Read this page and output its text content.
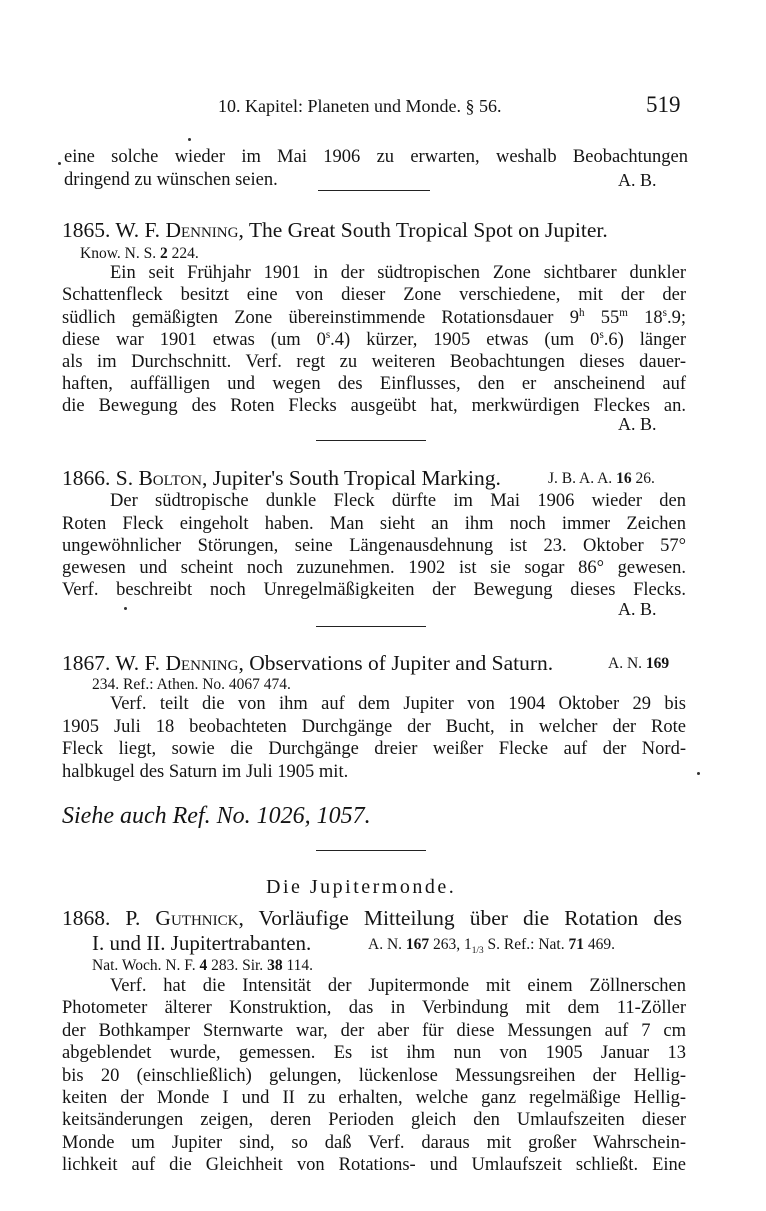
10. Kapitel: Planeten und Monde. § 56.	519
eine solche wieder im Mai 1906 zu erwarten, weshalb Beobachtungen
dringend zu wünschen seien.	A. B.
1865. W. F. Denning, The Great South Tropical Spot on Jupiter.
Know. N. S. 2 224.
Ein seit Frühjahr 1901 in der südtropischen Zone sichtbarer dunkler
Schattenfleck besitzt eine von dieser Zone verschiedene, mit der der
südlich gemäßigten Zone übereinstimmende Rotationsdauer 9$^h$ 55$^m$ 18$^s$.9;
diese war 1901 etwas (um 0$^s$.4) kürzer, 1905 etwas (um 0$^s$.6) länger
als im Durchschnitt. Verf. regt zu weiteren Beobachtungen dieses dauer-
haften, auffälligen und wegen des Einflusses, den er anscheinend auf
die Bewegung des Roten Flecks ausgeübt hat, merkwürdigen Fleckes an.
A. B.
1866. S. Bolton, Jupiter's South Tropical Marking.	J. B. A. A. 16 26.
Der südtropische dunkle Fleck dürfte im Mai 1906 wieder den
Roten Fleck eingeholt haben. Man sieht an ihm noch immer Zeichen
ungewöhnlicher Störungen, seine Längenausdehnung ist 23. Oktober 57°
gewesen und scheint noch zuzunehmen. 1902 ist sie sogar 86° gewesen.
Verf. beschreibt noch Unregelmäßigkeiten der Bewegung dieses Flecks.
A. B.
1867. W. F. Denning, Observations of Jupiter and Saturn.	A. N. 169
234. Ref.: Athen. No. 4067 474.
Verf. teilt die von ihm auf dem Jupiter von 1904 Oktober 29 bis
1905 Juli 18 beobachteten Durchgänge der Bucht, in welcher der Rote
Fleck liegt, sowie die Durchgänge dreier weißer Flecke auf der Nord-
halbkugel des Saturn im Juli 1905 mit.
Siehe auch Ref. No. 1026, 1057.
Die Jupitermonde.
1868. P. Guthnick, Vorläufige Mitteilung über die Rotation des
I. und II. Jupitertrabanten.	A. N. 167 263, $1_{1/3}$ S. Ref.: Nat. 71 469.
Nat. Woch. N. F. 4 283. Sir. 38 114.
Verf. hat die Intensität der Jupitermonde mit einem Zöllnerschen
Photometer älterer Konstruktion, das in Verbindung mit dem 11-Zöller
der Bothkamper Sternwarte war, der aber für diese Messungen auf 7 cm
abgeblendet wurde, gemessen. Es ist ihm nun von 1905 Januar 13
bis 20 (einschließlich) gelungen, lückenlose Messungsreihen der Hellig-
keiten der Monde I und II zu erhalten, welche ganz regelmäßige Hellig-
keitsänderungen zeigen, deren Perioden gleich den Umlaufszeiten dieser
Monde um Jupiter sind, so daß Verf. daraus mit großer Wahrschein-
lichkeit auf die Gleichheit von Rotations- und Umlaufszeit schließt. Eine
